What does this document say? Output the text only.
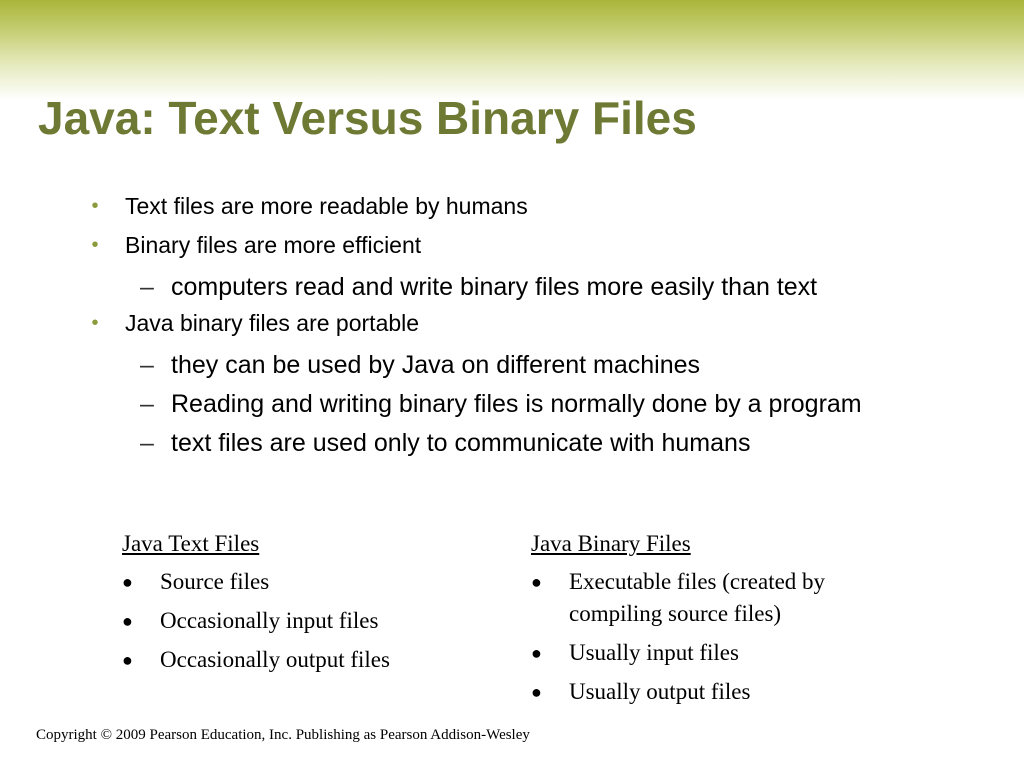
Java: Text Versus Binary Files
• Text files are more readable by humans
• Binary files are more efficient
– computers read and write binary files more easily than text
• Java binary files are portable
– they can be used by Java on different machines
– Reading and writing binary files is normally done by a program
– text files are used only to communicate with humans
Java Text Files
● Source files
● Occasionally input files
● Occasionally output files
Java Binary Files
● Executable files (created by compiling source files)
● Usually input files
● Usually output files
Copyright © 2009 Pearson Education, Inc. Publishing as Pearson Addison-Wesley
